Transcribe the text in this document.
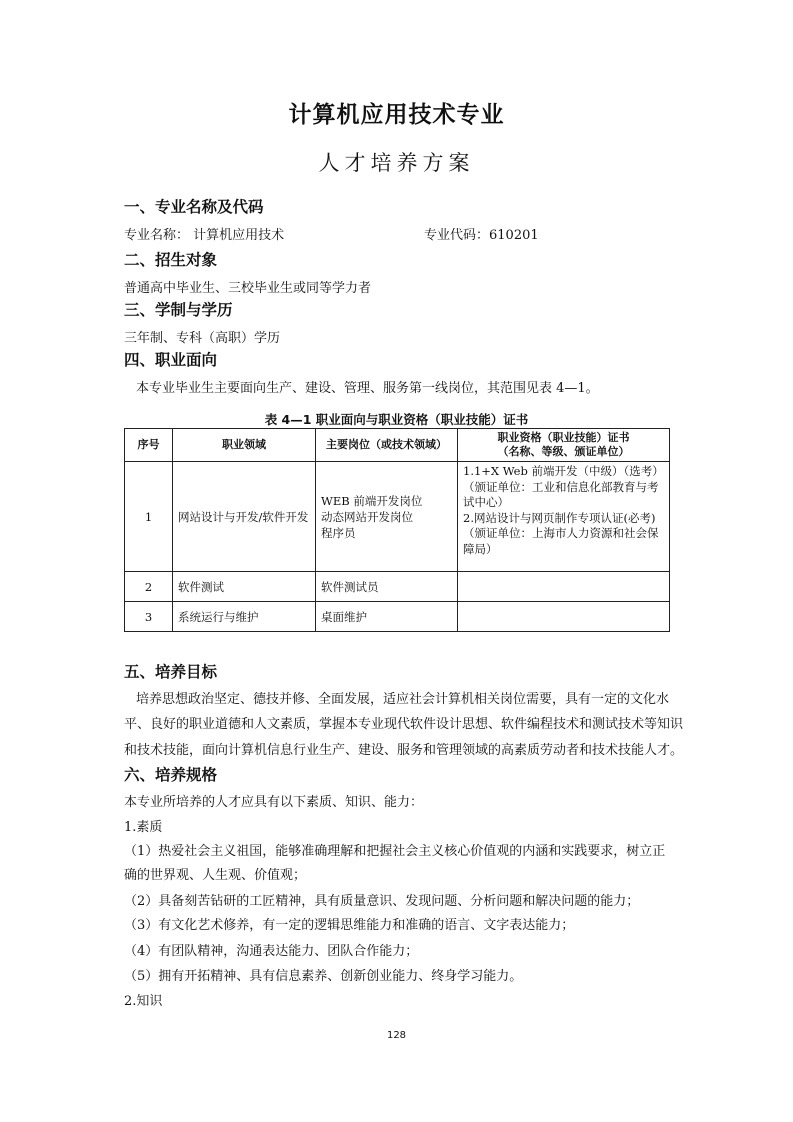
计算机应用技术专业
人才培养方案
一、专业名称及代码
专业名称： 计算机应用技术	专业代码：610201
二、招生对象
普通高中毕业生、三校毕业生或同等学力者
三、学制与学历
三年制、专科（高职）学历
四、职业面向
本专业毕业生主要面向生产、建设、管理、服务第一线岗位，其范围见表 4—1。
表 4—1 职业面向与职业资格（职业技能）证书
序号	职业领域	主要岗位（或技术领域）	职业资格（职业技能）证书
（名称、等级、颁证单位）

1	网站设计与开发/软件开发	WEB 前端开发岗位
动态网站开发岗位
程序员	1.1+X Web 前端开发（中级）（选考）
（颁证单位：工业和信息化部教育与考试中心）
2.网站设计与网页制作专项认证(必考)
（颁证单位：上海市人力资源和社会保障局）

2	软件测试	软件测试员	
3	系统运行与维护	桌面维护	
五、培养目标
培养思想政治坚定、德技并修、全面发展，适应社会计算机相关岗位需要，具有一定的文化水
平、良好的职业道德和人文素质，掌握本专业现代软件设计思想、软件编程技术和测试技术等知识
和技术技能，面向计算机信息行业生产、建设、服务和管理领域的高素质劳动者和技术技能人才。
六、培养规格
本专业所培养的人才应具有以下素质、知识、能力：
1.素质
（1）热爱社会主义祖国，能够准确理解和把握社会主义核心价值观的内涵和实践要求，树立正
确的世界观、人生观、价值观；
（2）具备刻苦钻研的工匠精神，具有质量意识、发现问题、分析问题和解决问题的能力；
（3）有文化艺术修养，有一定的逻辑思维能力和准确的语言、文字表达能力；
（4）有团队精神，沟通表达能力、团队合作能力；
（5）拥有开拓精神、具有信息素养、创新创业能力、终身学习能力。
2.知识
128
